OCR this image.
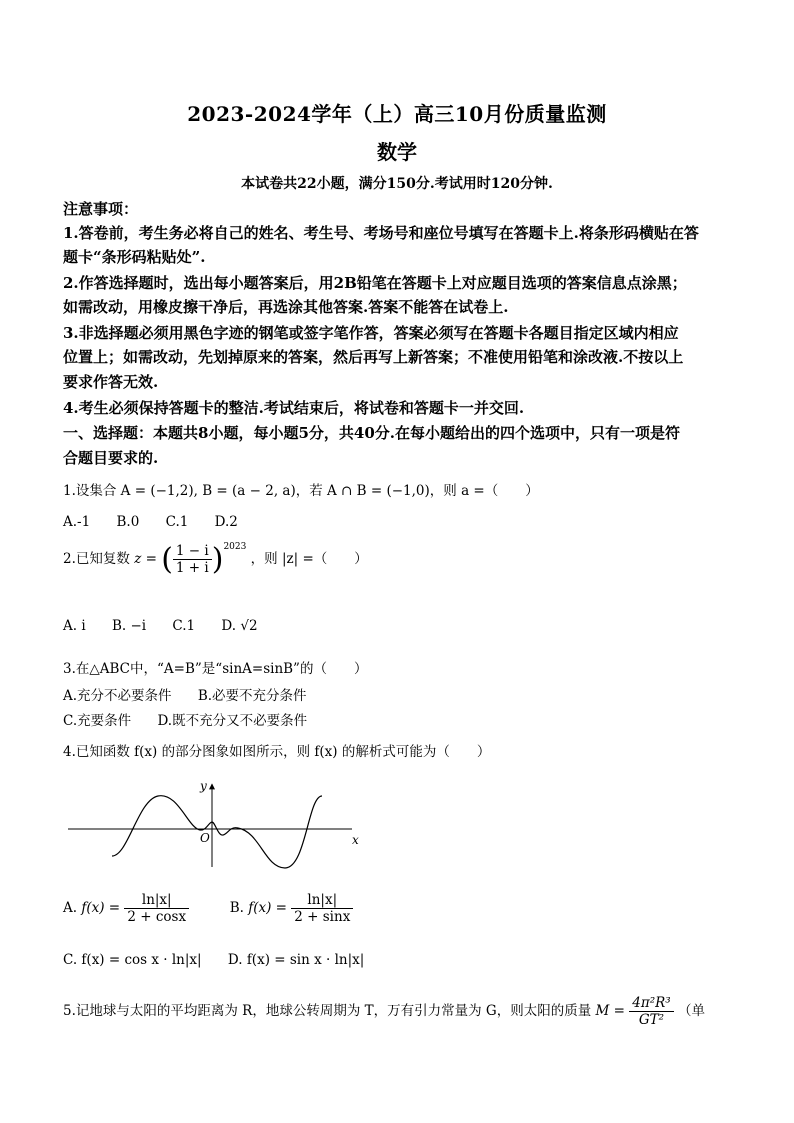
2023-2024学年（上）高三10月份质量监测
数学
本试卷共22小题，满分150分.考试用时120分钟.
注意事项：
1.答卷前，考生务必将自己的姓名、考生号、考场号和座位号填写在答题卡上.将条形码横贴在答
题卡“条形码粘贴处”.
2.作答选择题时，选出每小题答案后，用2B铅笔在答题卡上对应题目选项的答案信息点涂黑；
如需改动，用橡皮擦干净后，再选涂其他答案.答案不能答在试卷上.
3.非选择题必须用黑色字迹的钢笔或签字笔作答，答案必须写在答题卡各题目指定区域内相应
位置上；如需改动，先划掉原来的答案，然后再写上新答案；不准使用铅笔和涂改液.不按以上
要求作答无效.
4.考生必须保持答题卡的整洁.考试结束后，将试卷和答题卡一并交回.
一、选择题：本题共8小题，每小题5分，共40分.在每小题给出的四个选项中，只有一项是符
合题目要求的.
1.设集合 A = (−1,2), B = (a − 2, a)，若 A ∩ B = (−1,0)，则 a =（　　）
A.-1 B.0 C.1 D.2
2.已知复数 z = ( $\frac{1 - i}{1 + i} )^{2023}$ ，则 |z| =（　　）
A. i B. −i C.1 D. √2
3.在△ABC中，“A=B”是“sinA=sinB”的（　　）
A.充分不必要条件 B.必要不充分条件
C.充要条件 D.既不充分又不必要条件
4.已知函数 f(x) 的部分图象如图所示，则 f(x) 的解析式可能为（　　）
y
x
O
A. $f(x) = \frac{\ln|x|}{2 + \cos x}$	B. $f(x) = \frac{\ln|x|}{2 + \sin x}$
C. f(x) = cos x · ln|x| D. f(x) = sin x · ln|x|
5.记地球与太阳的平均距离为 R，地球公转周期为 T，万有引力常量为 G，则太阳的质量 $M = \frac{\text{4π²R³}}{\text{GT²}}$ （单
